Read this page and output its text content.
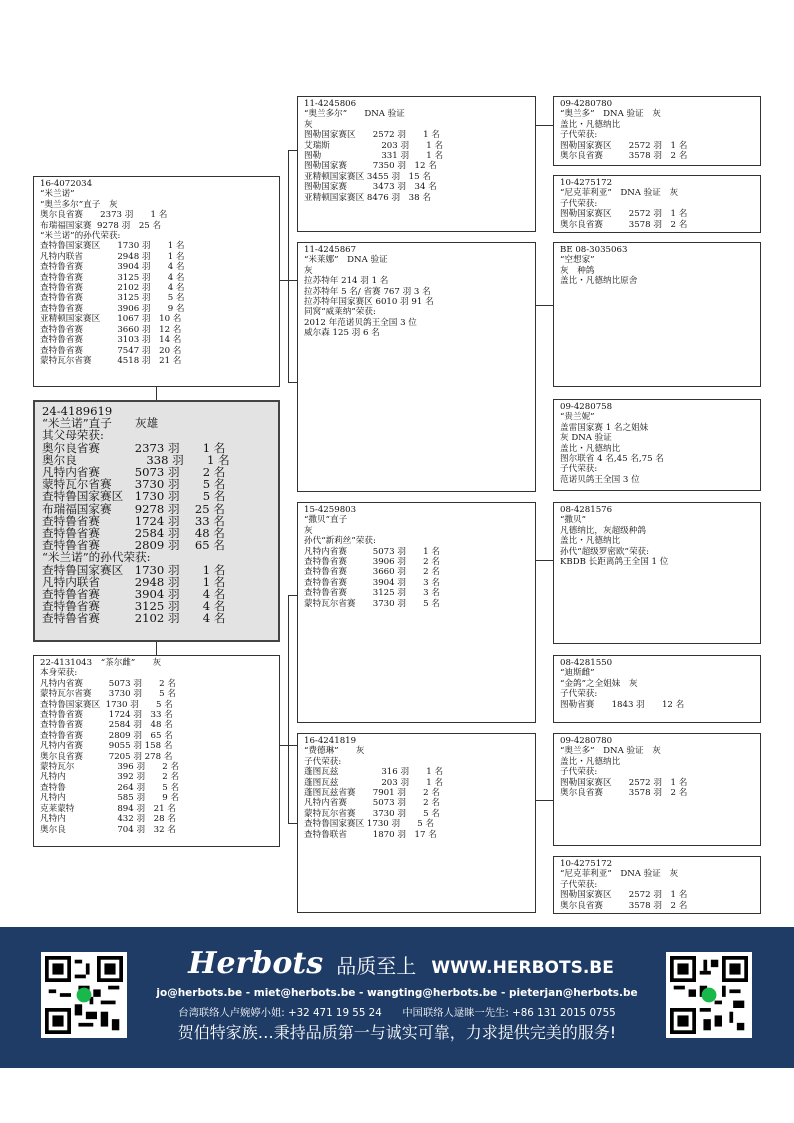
16-4072034
“米兰诺”
“奥兰多尔”直子　灰
奥尔良省赛　　2373 羽　　1 名
布瑞福国家赛  9278 羽　25 名
“米兰诺”的孙代荣获:
查特鲁国家赛区　　1730 羽　　1 名
凡特内联省　　　　2948 羽　　1 名
查特鲁省赛　　　　3904 羽　　4 名
查特鲁省赛　　　　3125 羽　　4 名
查特鲁省赛　　　　2102 羽　　4 名
查特鲁省赛　　　　3125 羽　　5 名
查特鲁省赛　　　　3906 羽　　9 名
亚精顿国家赛区　　1067 羽　10 名
查特鲁省赛　　　　3660 羽　12 名
查特鲁省赛　　　　3103 羽　14 名
查特鲁省赛　　　　7547 羽　20 名
蒙特瓦尔省赛　　　4518 羽　21 名
24-4189619
“米兰诺”直子　　灰雄
其父母荣获:
奥尔良省赛　　　2373 羽　　1 名
奥尔良　　　　　　338 羽　　1 名
凡特内省赛　　　5073 羽　　2 名
蒙特瓦尔省赛　　3730 羽　　5 名
查特鲁国家赛区　1730 羽　　5 名
布瑞福国家赛　　9278 羽　 25 名
查特鲁省赛　　　1724 羽　 33 名
查特鲁省赛　　　2584 羽　 48 名
查特鲁省赛　　　2809 羽　 65 名
“米兰诺”的孙代荣获:
查特鲁国家赛区　1730 羽　　1 名
凡特内联省　　　2948 羽　　1 名
查特鲁省赛　　　3904 羽　　4 名
查特鲁省赛　　　3125 羽　　4 名
查特鲁省赛　　　2102 羽　　4 名
22-4131043　“茶尔雌”　　灰
本身荣获:
凡特内省赛　　　5073 羽　　2 名
蒙特瓦尔省赛　　3730 羽　　5 名
查特鲁国家赛区  1730 羽　　5 名
查特鲁省赛　　　1724 羽　33 名
查特鲁省赛　　　2584 羽　48 名
查特鲁省赛　　　2809 羽　65 名
凡特内省赛　　　9055 羽 158 名
奥尔良省赛　　　7205 羽 278 名
蒙特瓦尔　　　　　396 羽　　2 名
凡特内　　　　　　392 羽　　2 名
查特鲁　　　　　　264 羽　　5 名
凡特内　　　　　　585 羽　　9 名
克莱蒙特　　　　　894 羽　21 名
凡特内　　　　　　432 羽　28 名
奥尔良　　　　　　704 羽　32 名
11-4245806
“奥兰多尔”　　DNA 验证
灰
图勒国家赛区　　2572 羽　　1 名
艾瑞斯　　　　　　203 羽　　1 名
图勒　　　　　　　331 羽　　1 名
图勒国家赛　　　7350 羽　12 名
亚精顿国家赛区 3455 羽　15 名
图勒国家赛　　　3473 羽　34 名
亚精顿国家赛区 8476 羽　38 名
11-4245867
“米莱娜”　DNA 验证
灰
拉苏特年 214 羽 1 名
拉苏特年 5 名/ 省赛 767 羽 3 名
拉苏特年国家赛区 6010 羽 91 名
同窝“威莱纳”荣获:
2012 年范诺贝鸽王全国 3 位
威尔森 125 羽 6 名
15-4259803
“撒贝”直子
灰
孙代“新莉丝”荣获:
凡特内省赛　　　5073 羽　　1 名
查特鲁省赛　　　3906 羽　　2 名
查特鲁省赛　　　3660 羽　　2 名
查特鲁省赛　　　3904 羽　　3 名
查特鲁省赛　　　3125 羽　　3 名
蒙特瓦尔省赛　　3730 羽　　5 名
16-4241819
“费德琳”　　灰
子代荣获:
蓬图瓦兹　　　　　316 羽　　1 名
蓬图瓦兹　　　　　203 羽　　1 名
蓬图瓦兹省赛　　7901 羽　　2 名
凡特内省赛　　　5073 羽　　2 名
蒙特瓦尔省赛　　3730 羽　　5 名
查特鲁国家赛区 1730 羽　　5 名
查特鲁联省　　　1870 羽　17 名
09-4280780
“奥兰多”　DNA 验证　灰
盖比・凡德纳比
子代荣获:
图勒国家赛区　　2572 羽　1 名
奥尔良省赛　　　3578 羽　2 名
10-4275172
“尼克菲利亚”　DNA 验证　灰
子代荣获:
图勒国家赛区　　2572 羽　1 名
奥尔良省赛　　　3578 羽　2 名
BE 08-3035063
“空想家”
灰　种鸽
盖比・凡德纳比原舍
09-4280758
“贵兰妮”
盖雷国家赛 1 名之姐妹
灰 DNA 验证
盖比・凡德纳比
图尔联省 4 名,45 名,75 名
子代荣获:
范诺贝鸽王全国 3 位
08-4281576
“撒贝”
凡德纳比，灰超级种鸽
盖比・凡德纳比
孙代“超级罗密欧”荣获:
KBDB 长距离鸽王全国 1 位
08-4281550
“迪斯雌”
“金鸽”之全姐妹　灰
子代荣获:
图勒省赛　　1843 羽　　12 名
09-4280780
“奥兰多”　DNA 验证　灰
盖比・凡德纳比
子代荣获:
图勒国家赛区　　2572 羽　1 名
奥尔良省赛　　　3578 羽　2 名
10-4275172
“尼克菲利亚”　DNA 验证　灰
子代荣获:
图勒国家赛区　　2572 羽　1 名
奥尔良省赛　　　3578 羽　2 名
Herbots 品质至上 WWW.HERBOTS.BE
jo@herbots.be - miet@herbots.be - wangting@herbots.be - pieterjan@herbots.be
台湾联络人卢婉婷小姐: +32 471 19 55 24　　中国联络人逯睐一先生: +86 131 2015 0755
贺伯特家族…秉持品质第一与诚实可靠，力求提供完美的服务!
